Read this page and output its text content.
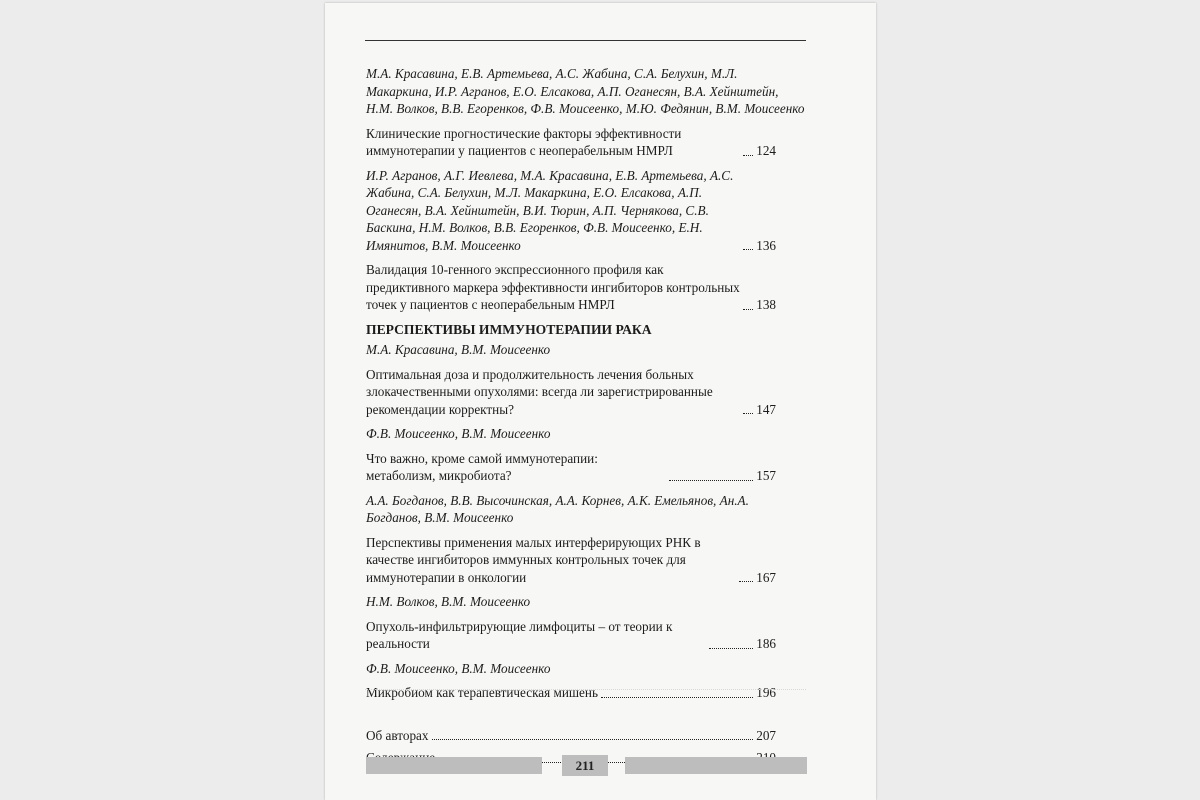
М.А. Красавина, Е.В. Артемьева, А.С. Жабина, С.А. Белухин, М.Л. Макаркина, И.Р. Агранов, Е.О. Елсакова, А.П. Оганесян, В.А. Хейнштейн, Н.М. Волков, В.В. Егоренков, Ф.В. Моисеенко, М.Ю. Федянин, В.М. Моисеенко
Клинические прогностические факторы эффективности иммунотерапии у пациентов с неоперабельным НМРЛ	124
И.Р. Агранов, А.Г. Иевлева, М.А. Красавина, Е.В. Артемьева, А.С. Жабина, С.А. Белухин, М.Л. Макаркина, Е.О. Елсакова, А.П. Оганесян, В.А. Хейнштейн, В.И. Тюрин, А.П. Чернякова, С.В. Баскина, Н.М. Волков, В.В. Егоренков, Ф.В. Моисеенко, Е.Н. Имянитов, В.М. Моисеенко	136
Валидация 10-генного экспрессионного профиля как предиктивного маркера эффективности ингибиторов контрольных точек у пациентов с неоперабельным НМРЛ	138
ПЕРСПЕКТИВЫ ИММУНОТЕРАПИИ РАКА
М.А. Красавина, В.М. Моисеенко
Оптимальная доза и продолжительность лечения больных злокачественными опухолями: всегда ли зарегистрированные рекомендации корректны?	147
Ф.В. Моисеенко, В.М. Моисеенко
Что важно, кроме самой иммунотерапии: метаболизм, микробиота?	157
А.А. Богданов, В.В. Высочинская, А.А. Корнев, А.К. Емельянов, Ан.А. Богданов, В.М. Моисеенко
Перспективы применения малых интерферирующих РНК в качестве ингибиторов иммунных контрольных точек для иммунотерапии в онкологии	167
Н.М. Волков, В.М. Моисеенко
Опухоль-инфильтрирующие лимфоциты – от теории к реальности	186
Ф.В. Моисеенко, В.М. Моисеенко
Микробиом как терапевтическая мишень	196
Об авторах	207
211
